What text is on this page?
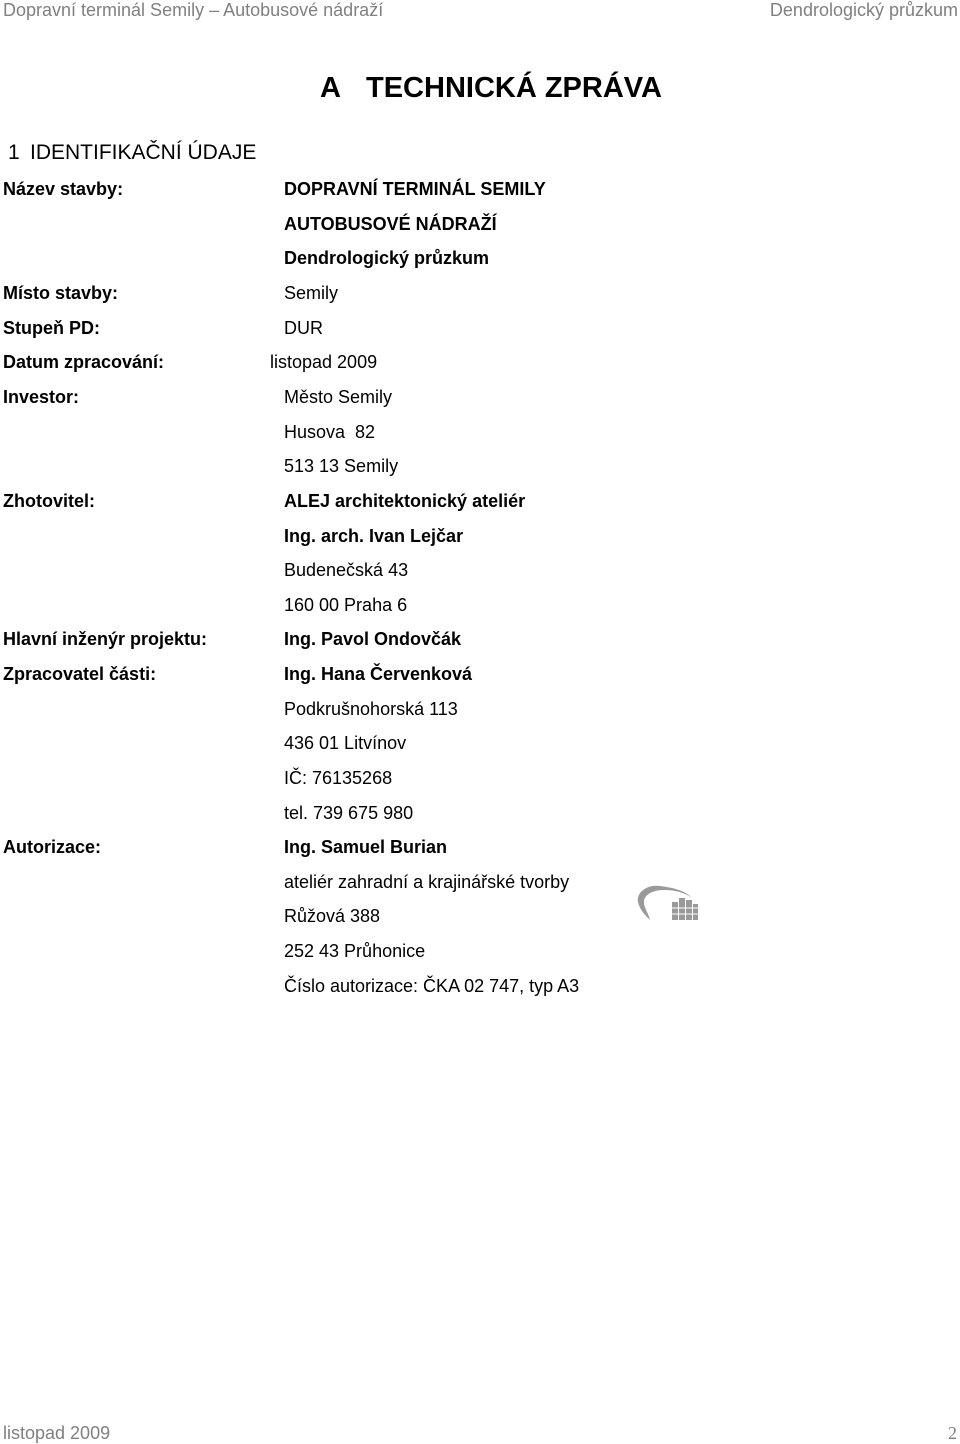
Dopravní terminál Semily – Autobusové nádraží	Dendrologický průzkum
A TECHNICKÁ ZPRÁVA
1 IDENTIFIKAČNÍ ÚDAJE
Název stavby:	DOPRAVNÍ TERMINÁL SEMILY
AUTOBUSOVÉ NÁDRAŽÍ
Dendrologický průzkum
Místo stavby:	Semily
Stupeň PD:	DUR
Datum zpracování:	listopad 2009
Investor:	Město Semily
Husova  82
513 13 Semily
Zhotovitel:	ALEJ architektonický ateliér
Ing. arch. Ivan Lejčar
Budenečská 43
160 00 Praha 6
Hlavní inženýr projektu:	Ing. Pavol Ondovčák
Zpracovatel části:	Ing. Hana Červenková
Podkrušnohorská 113
436 01 Litvínov
IČ: 76135268
tel. 739 675 980
Autorizace:	Ing. Samuel Burian
ateliér zahradní a krajinářské tvorby
Růžová 388
252 43 Průhonice
Číslo autorizace: ČKA 02 747, typ A3
listopad 2009	2
